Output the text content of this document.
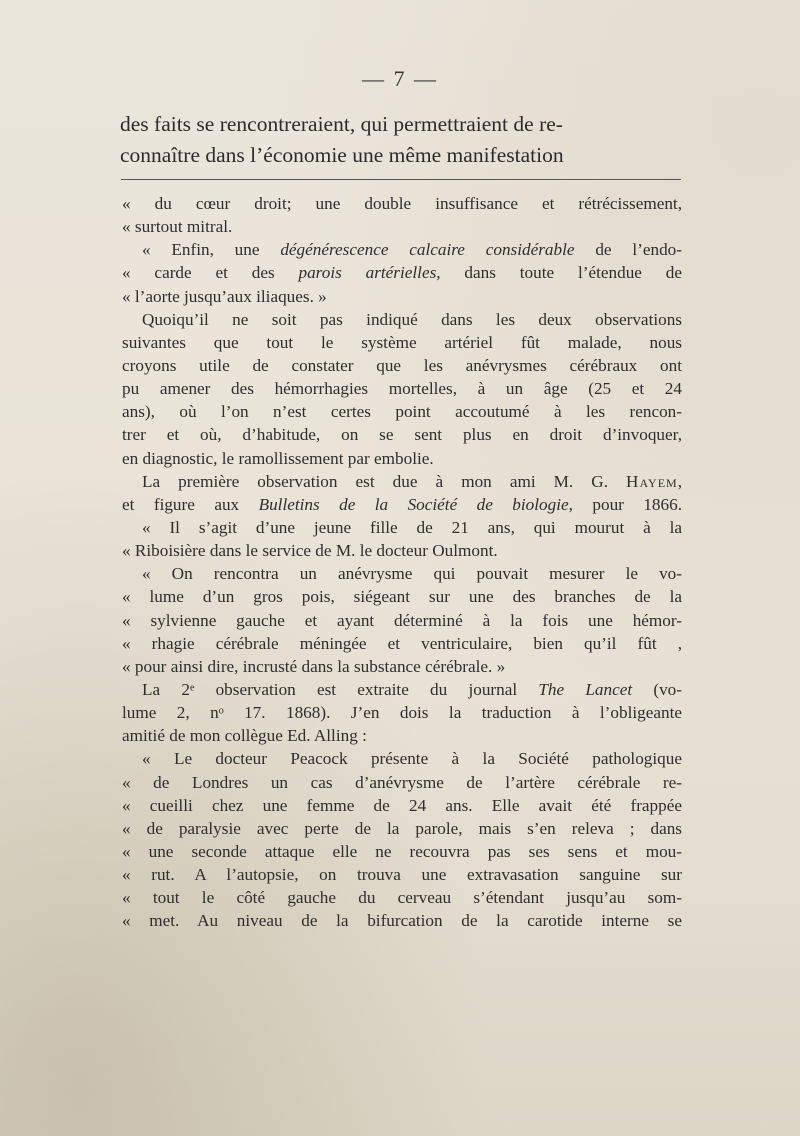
— 7 —
des faits se rencontreraient, qui permettraient de re-
connaître dans l’économie une même manifestation
« du cœur droit; une double insuffisance et rétrécissement,
« surtout mitral.
« Enfin, une dégénérescence calcaire considérable de l’endo-
« carde et des parois artérielles, dans toute l’étendue de
« l’aorte jusqu’aux iliaques. »
Quoiqu’il ne soit pas indiqué dans les deux observations
suivantes que tout le système artériel fût malade, nous
croyons utile de constater que les anévrysmes cérébraux ont
pu amener des hémorrhagies mortelles, à un âge (25 et 24
ans), où l’on n’est certes point accoutumé à les rencon-
trer et où, d’habitude, on se sent plus en droit d’invoquer,
en diagnostic, le ramollissement par embolie.
La première observation est due à mon ami M. G. Hayem,
et figure aux Bulletins de la Société de biologie, pour 1866.
« Il s’agit d’une jeune fille de 21 ans, qui mourut à la
« Riboisière dans le service de M. le docteur Oulmont.
« On rencontra un anévrysme qui pouvait mesurer le vo-
« lume d’un gros pois, siégeant sur une des branches de la
« sylvienne gauche et ayant déterminé à la fois une hémor-
« rhagie cérébrale méningée et ventriculaire, bien qu’il fût ,
« pour ainsi dire, incrusté dans la substance cérébrale. »
La 2ᵉ observation est extraite du journal The Lancet (vo-
lume 2, nᵒ 17. 1868). J’en dois la traduction à l’obligeante
amitié de mon collègue Ed. Alling :
« Le docteur Peacock présente à la Société pathologique
« de Londres un cas d’anévrysme de l’artère cérébrale re-
« cueilli chez une femme de 24 ans. Elle avait été frappée
« de paralysie avec perte de la parole, mais s’en releva ; dans
« une seconde attaque elle ne recouvra pas ses sens et mou-
« rut. A l’autopsie, on trouva une extravasation sanguine sur
« tout le côté gauche du cerveau s’étendant jusqu’au som-
« met. Au niveau de la bifurcation de la carotide interne se
